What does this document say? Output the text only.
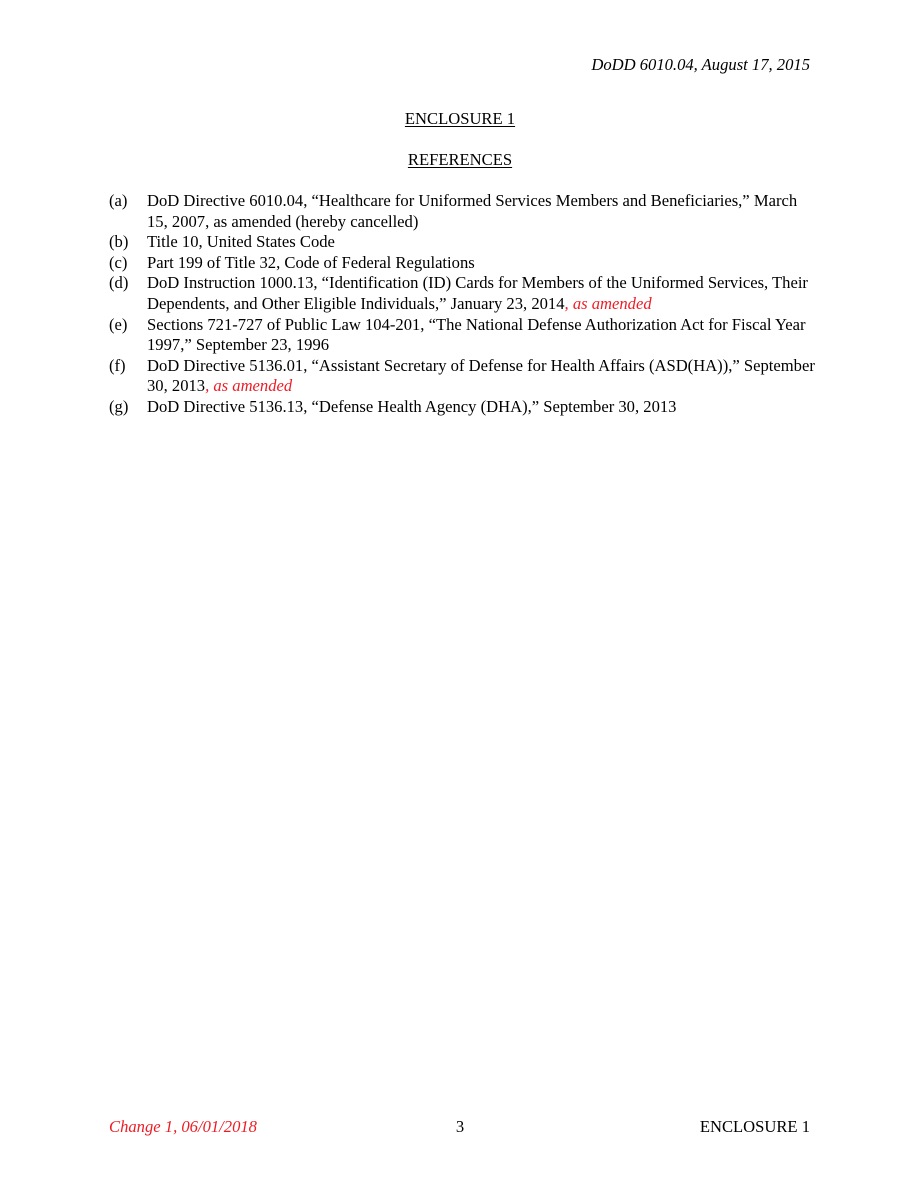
DoDD 6010.04, August 17, 2015
ENCLOSURE 1
REFERENCES
(a) DoD Directive 6010.04, “Healthcare for Uniformed Services Members and Beneficiaries,” March 15, 2007, as amended (hereby cancelled)
(b) Title 10, United States Code
(c) Part 199 of Title 32, Code of Federal Regulations
(d) DoD Instruction 1000.13, “Identification (ID) Cards for Members of the Uniformed Services, Their Dependents, and Other Eligible Individuals,” January 23, 2014, as amended
(e) Sections 721-727 of Public Law 104-201, “The National Defense Authorization Act for Fiscal Year 1997,” September 23, 1996
(f) DoD Directive 5136.01, “Assistant Secretary of Defense for Health Affairs (ASD(HA)),” September 30, 2013, as amended
(g) DoD Directive 5136.13, “Defense Health Agency (DHA),” September 30, 2013
Change 1, 06/01/2018	3	ENCLOSURE 1
